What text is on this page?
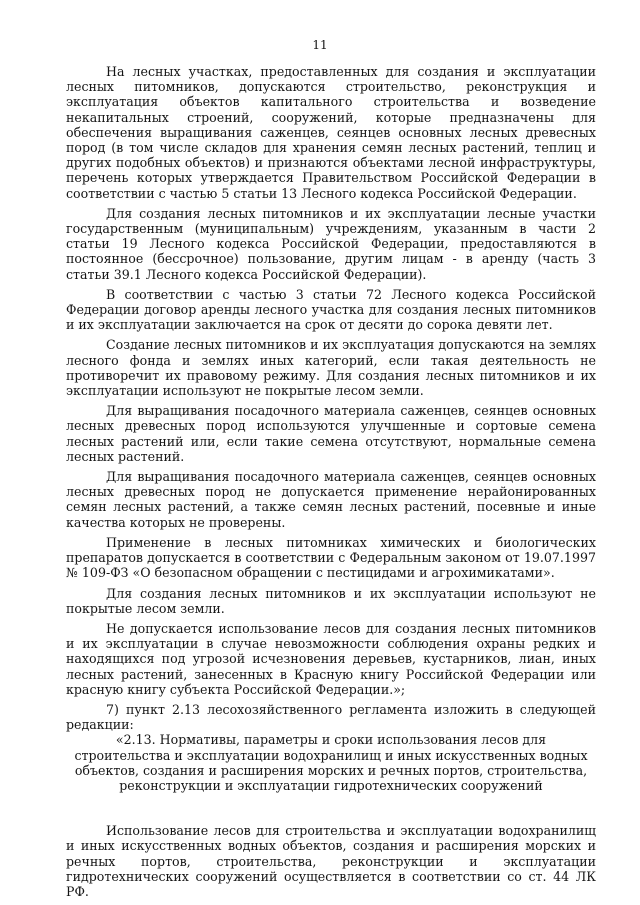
11

На лесных участках, предоставленных для создания и эксплуатации лесных питомников, допускаются строительство, реконструкция и эксплуатация объектов капитального строительства и возведение некапитальных строений, сооружений, которые предназначены для обеспечения выращивания саженцев, сеянцев основных лесных древесных пород (в том числе складов для хранения семян лесных растений, теплиц и других подобных объектов) и признаются объектами лесной инфраструктуры, перечень которых утверждается Правительством Российской Федерации в соответствии с частью 5 статьи 13 Лесного кодекса Российской Федерации.

Для создания лесных питомников и их эксплуатации лесные участки государственным (муниципальным) учреждениям, указанным в части 2 статьи 19 Лесного кодекса Российской Федерации, предоставляются в постоянное (бессрочное) пользование, другим лицам - в аренду (часть 3 статьи 39.1 Лесного кодекса Российской Федерации).

В соответствии с частью 3 статьи 72 Лесного кодекса Российской Федерации договор аренды лесного участка для создания лесных питомников и их эксплуатации заключается на срок от десяти до сорока девяти лет.

Создание лесных питомников и их эксплуатация допускаются на землях лесного фонда и землях иных категорий, если такая деятельность не противоречит их правовому режиму. Для создания лесных питомников и их эксплуатации используют не покрытые лесом земли.

Для выращивания посадочного материала саженцев, сеянцев основных лесных древесных пород используются улучшенные и сортовые семена лесных растений или, если такие семена отсутствуют, нормальные семена лесных растений.

Для выращивания посадочного материала саженцев, сеянцев основных лесных древесных пород не допускается применение нерайонированных семян лесных растений, а также семян лесных растений, посевные и иные качества которых не проверены.

Применение в лесных питомниках химических и биологических препаратов допускается в соответствии с Федеральным законом от 19.07.1997 № 109-ФЗ «О безопасном обращении с пестицидами и агрохимикатами».

Для создания лесных питомников и их эксплуатации используют не покрытые лесом земли.

Не допускается использование лесов для создания лесных питомников и их эксплуатации в случае невозможности соблюдения охраны редких и находящихся под угрозой исчезновения деревьев, кустарников, лиан, иных лесных растений, занесенных в Красную книгу Российской Федерации или красную книгу субъекта Российской Федерации.»;

7) пункт 2.13 лесохозяйственного регламента изложить в следующей редакции:

«2.13. Нормативы, параметры и сроки использования лесов для строительства и эксплуатации водохранилищ и иных искусственных водных объектов, создания и расширения морских и речных портов, строительства, реконструкции и эксплуатации гидротехнических сооружений

Использование лесов для строительства и эксплуатации водохранилищ и иных искусственных водных объектов, создания и расширения морских и речных портов, строительства, реконструкции и эксплуатации гидротехнических сооружений осуществляется в соответствии со ст. 44 ЛК РФ.
